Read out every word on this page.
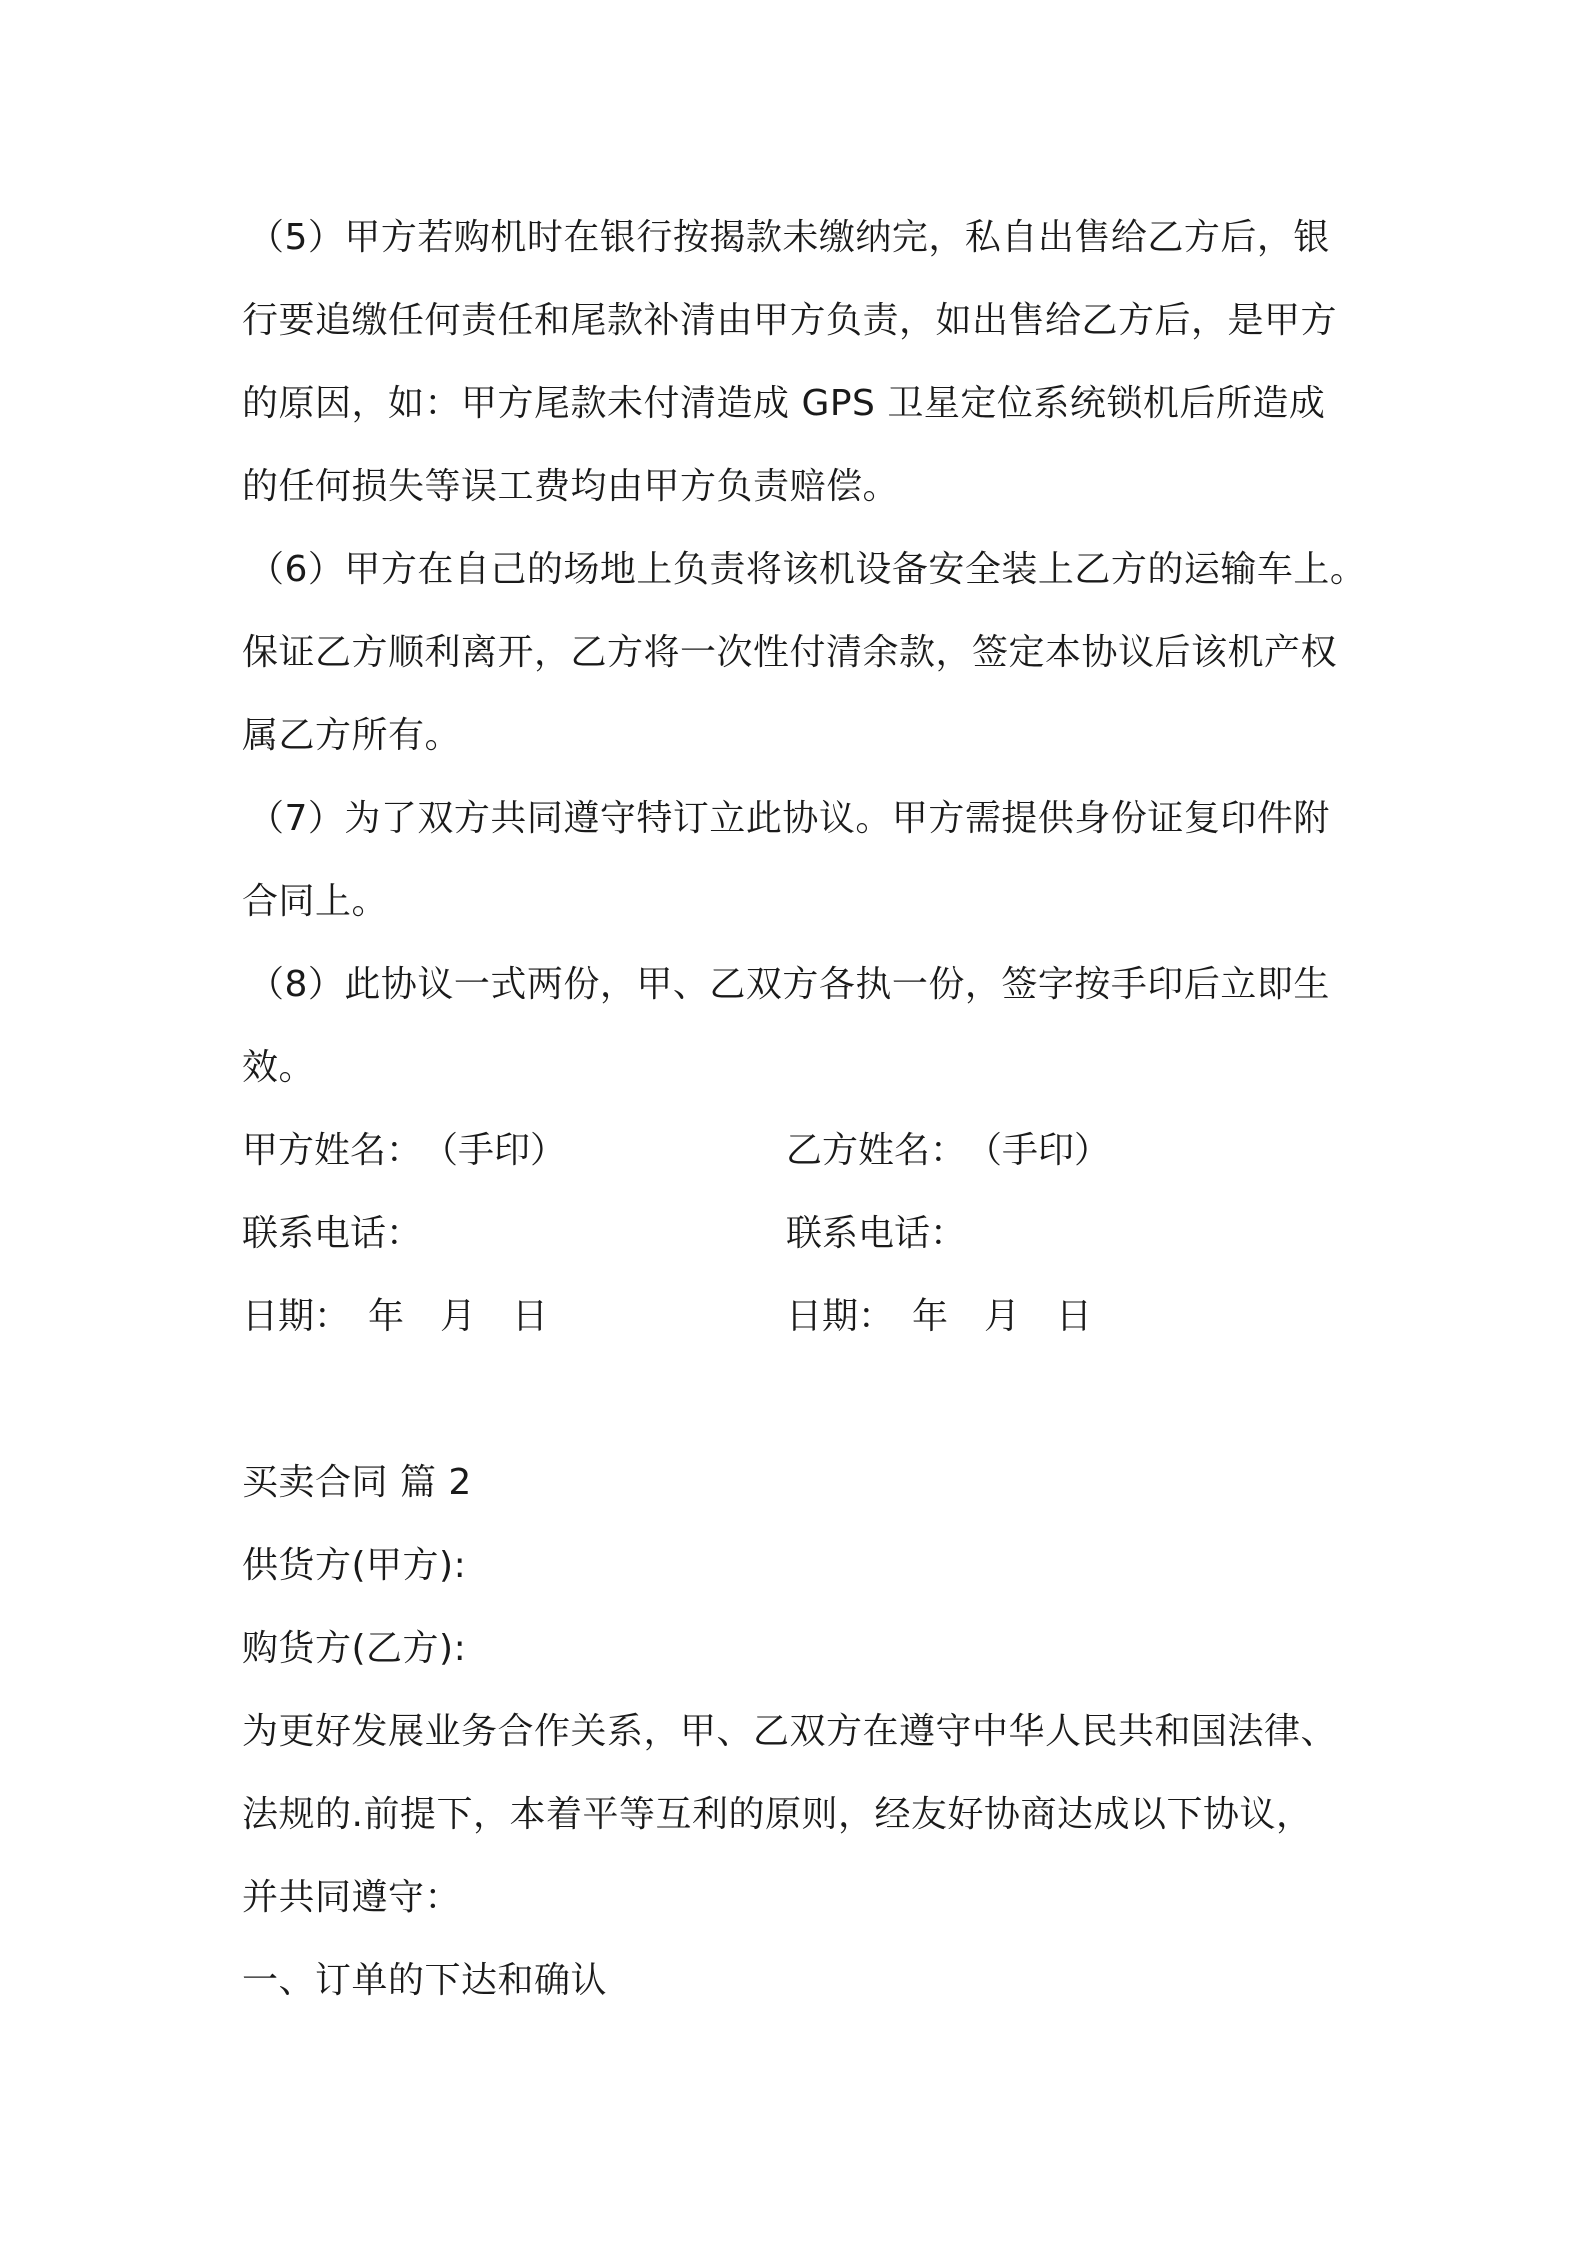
（5）甲方若购机时在银行按揭款未缴纳完，私自出售给乙方后，银
行要追缴任何责任和尾款补清由甲方负责，如出售给乙方后，是甲方
的原因，如：甲方尾款未付清造成 GPS 卫星定位系统锁机后所造成
的任何损失等误工费均由甲方负责赔偿。
（6）甲方在自己的场地上负责将该机设备安全装上乙方的运输车上。
保证乙方顺利离开，乙方将一次性付清余款，签定本协议后该机产权
属乙方所有。
（7）为了双方共同遵守特订立此协议。甲方需提供身份证复印件附
合同上。
（8）此协议一式两份，甲、乙双方各执一份，签字按手印后立即生
效。
甲方姓名：　（手印）	乙方姓名：　（手印）
联系电话：	联系电话：
日期：　年　月　日	日期：　年　月　日
买卖合同 篇 2
供货方(甲方):
购货方(乙方):
为更好发展业务合作关系，甲、乙双方在遵守中华人民共和国法律、
法规的.前提下，本着平等互利的原则，经友好协商达成以下协议，
并共同遵守：
一、订单的下达和确认
